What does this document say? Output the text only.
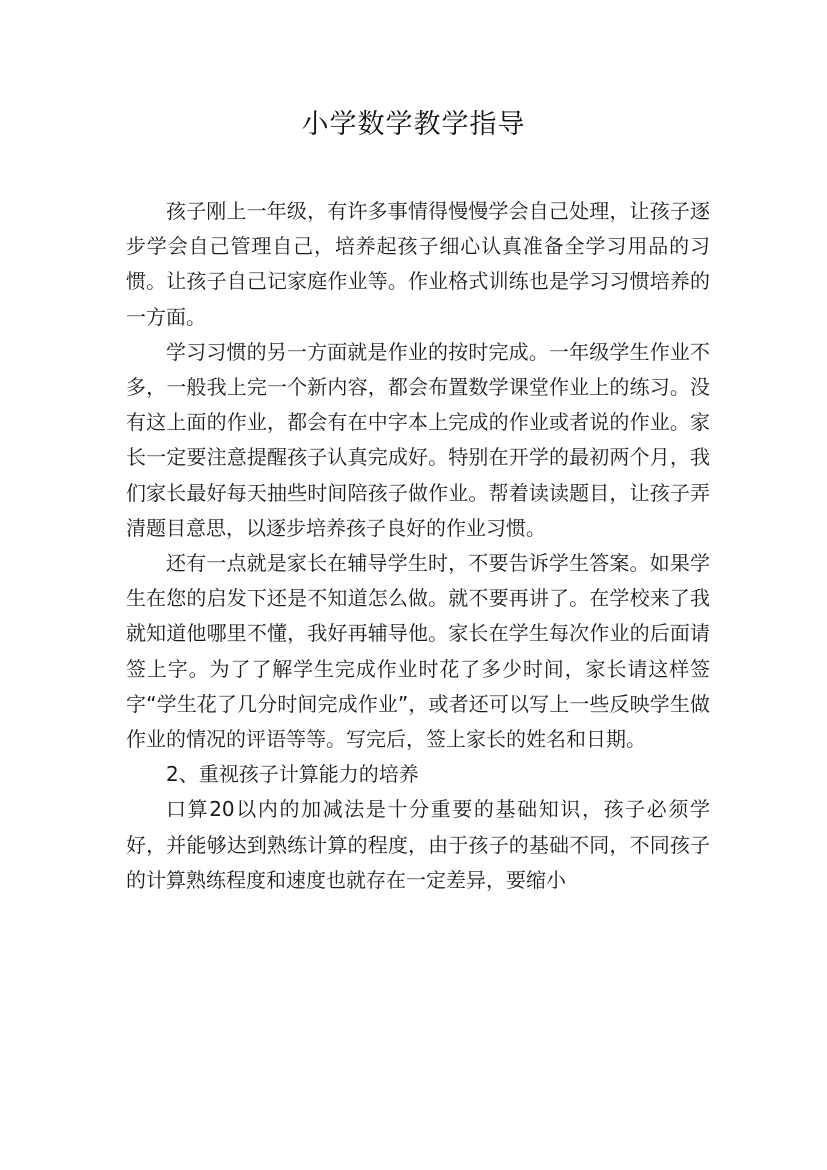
小学数学教学指导

孩子刚上一年级，有许多事情得慢慢学会自己处理，让孩子逐步学会自己管理自己，培养起孩子细心认真准备全学习用品的习惯。让孩子自己记家庭作业等。作业格式训练也是学习习惯培养的一方面。

学习习惯的另一方面就是作业的按时完成。一年级学生作业不多，一般我上完一个新内容，都会布置数学课堂作业上的练习。没有这上面的作业，都会有在中字本上完成的作业或者说的作业。家长一定要注意提醒孩子认真完成好。特别在开学的最初两个月，我们家长最好每天抽些时间陪孩子做作业。帮着读读题目，让孩子弄清题目意思，以逐步培养孩子良好的作业习惯。

还有一点就是家长在辅导学生时，不要告诉学生答案。如果学生在您的启发下还是不知道怎么做。就不要再讲了。在学校来了我就知道他哪里不懂，我好再辅导他。家长在学生每次作业的后面请签上字。为了了解学生完成作业时花了多少时间，家长请这样签字“学生花了几分时间完成作业”，或者还可以写上一些反映学生做作业的情况的评语等等。写完后，签上家长的姓名和日期。

2、重视孩子计算能力的培养

口算20以内的加减法是十分重要的基础知识，孩子必须学好，并能够达到熟练计算的程度，由于孩子的基础不同，不同孩子的计算熟练程度和速度也就存在一定差异，要缩小
